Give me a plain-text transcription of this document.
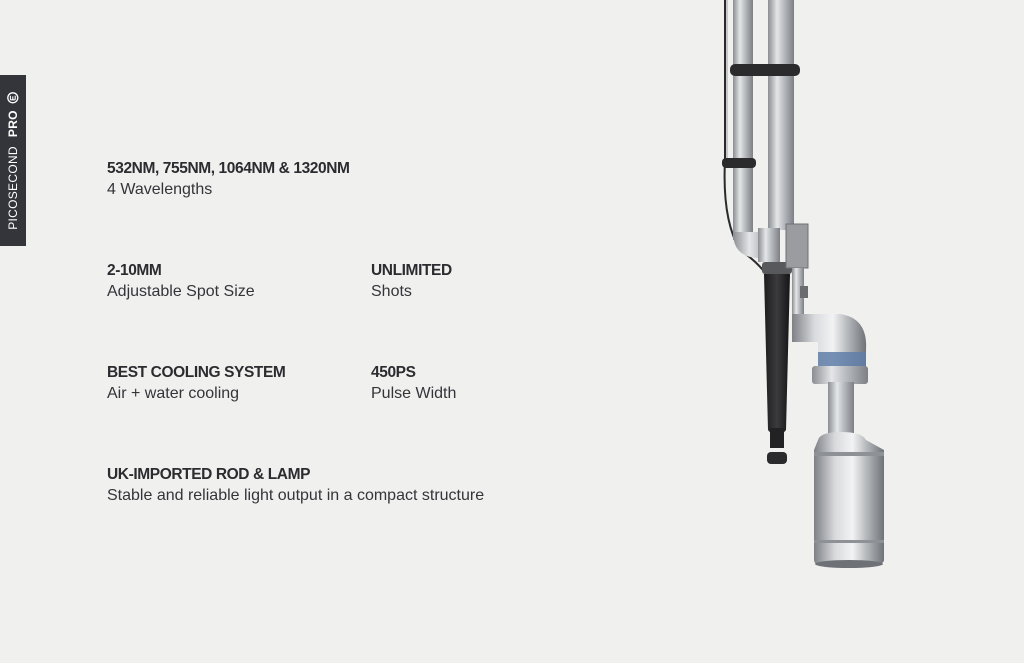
PICOSECOND
PRO
532NM, 755NM, 1064NM & 1320NM
4 Wavelengths
2-10MM
Adjustable Spot Size
UNLIMITED
Shots
BEST COOLING SYSTEM
Air + water cooling
450PS
Pulse Width
UK-IMPORTED ROD & LAMP
Stable and reliable light output in a compact structure
